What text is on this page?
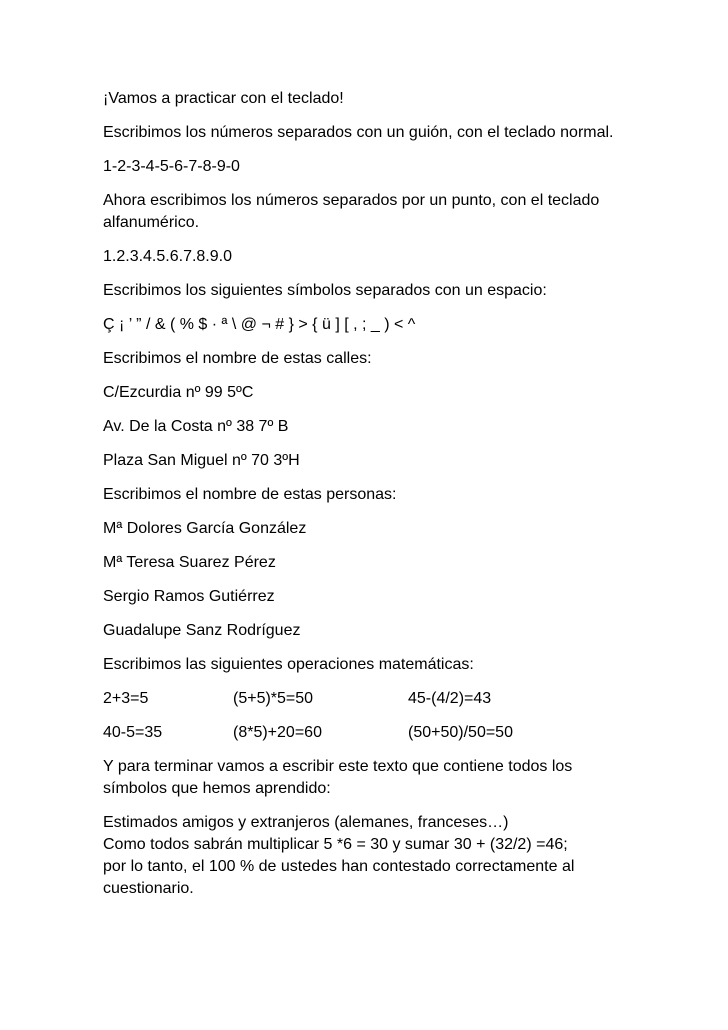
¡Vamos a practicar con el teclado!

Escribimos los números separados con un guión, con el teclado normal.

1-2-3-4-5-6-7-8-9-0

Ahora escribimos los números separados por un punto, con el teclado alfanumérico.

1.2.3.4.5.6.7.8.9.0

Escribimos los siguientes símbolos separados con un espacio:

Ç ¡ ’ ” / & ( % $ · ª \ @ ¬ # } > { ü ] [ , ; _ ) < ^

Escribimos el nombre de estas calles:

C/Ezcurdia nº 99 5ºC

Av. De la Costa nº 38 7º B

Plaza San Miguel nº 70 3ºH

Escribimos el nombre de estas personas:

Mª Dolores García González

Mª Teresa Suarez Pérez

Sergio Ramos Gutiérrez

Guadalupe Sanz Rodríguez

Escribimos las siguientes operaciones matemáticas:

2+3=5	(5+5)*5=50	45-(4/2)=43
40-5=35	(8*5)+20=60	(50+50)/50=50

Y para terminar vamos a escribir este texto que contiene todos los símbolos que hemos aprendido:

Estimados amigos y extranjeros (alemanes, franceses…)

Como todos sabrán multiplicar 5 *6 = 30 y sumar 30 + (32/2) =46;

por lo tanto, el 100 % de ustedes han contestado correctamente al

cuestionario.
